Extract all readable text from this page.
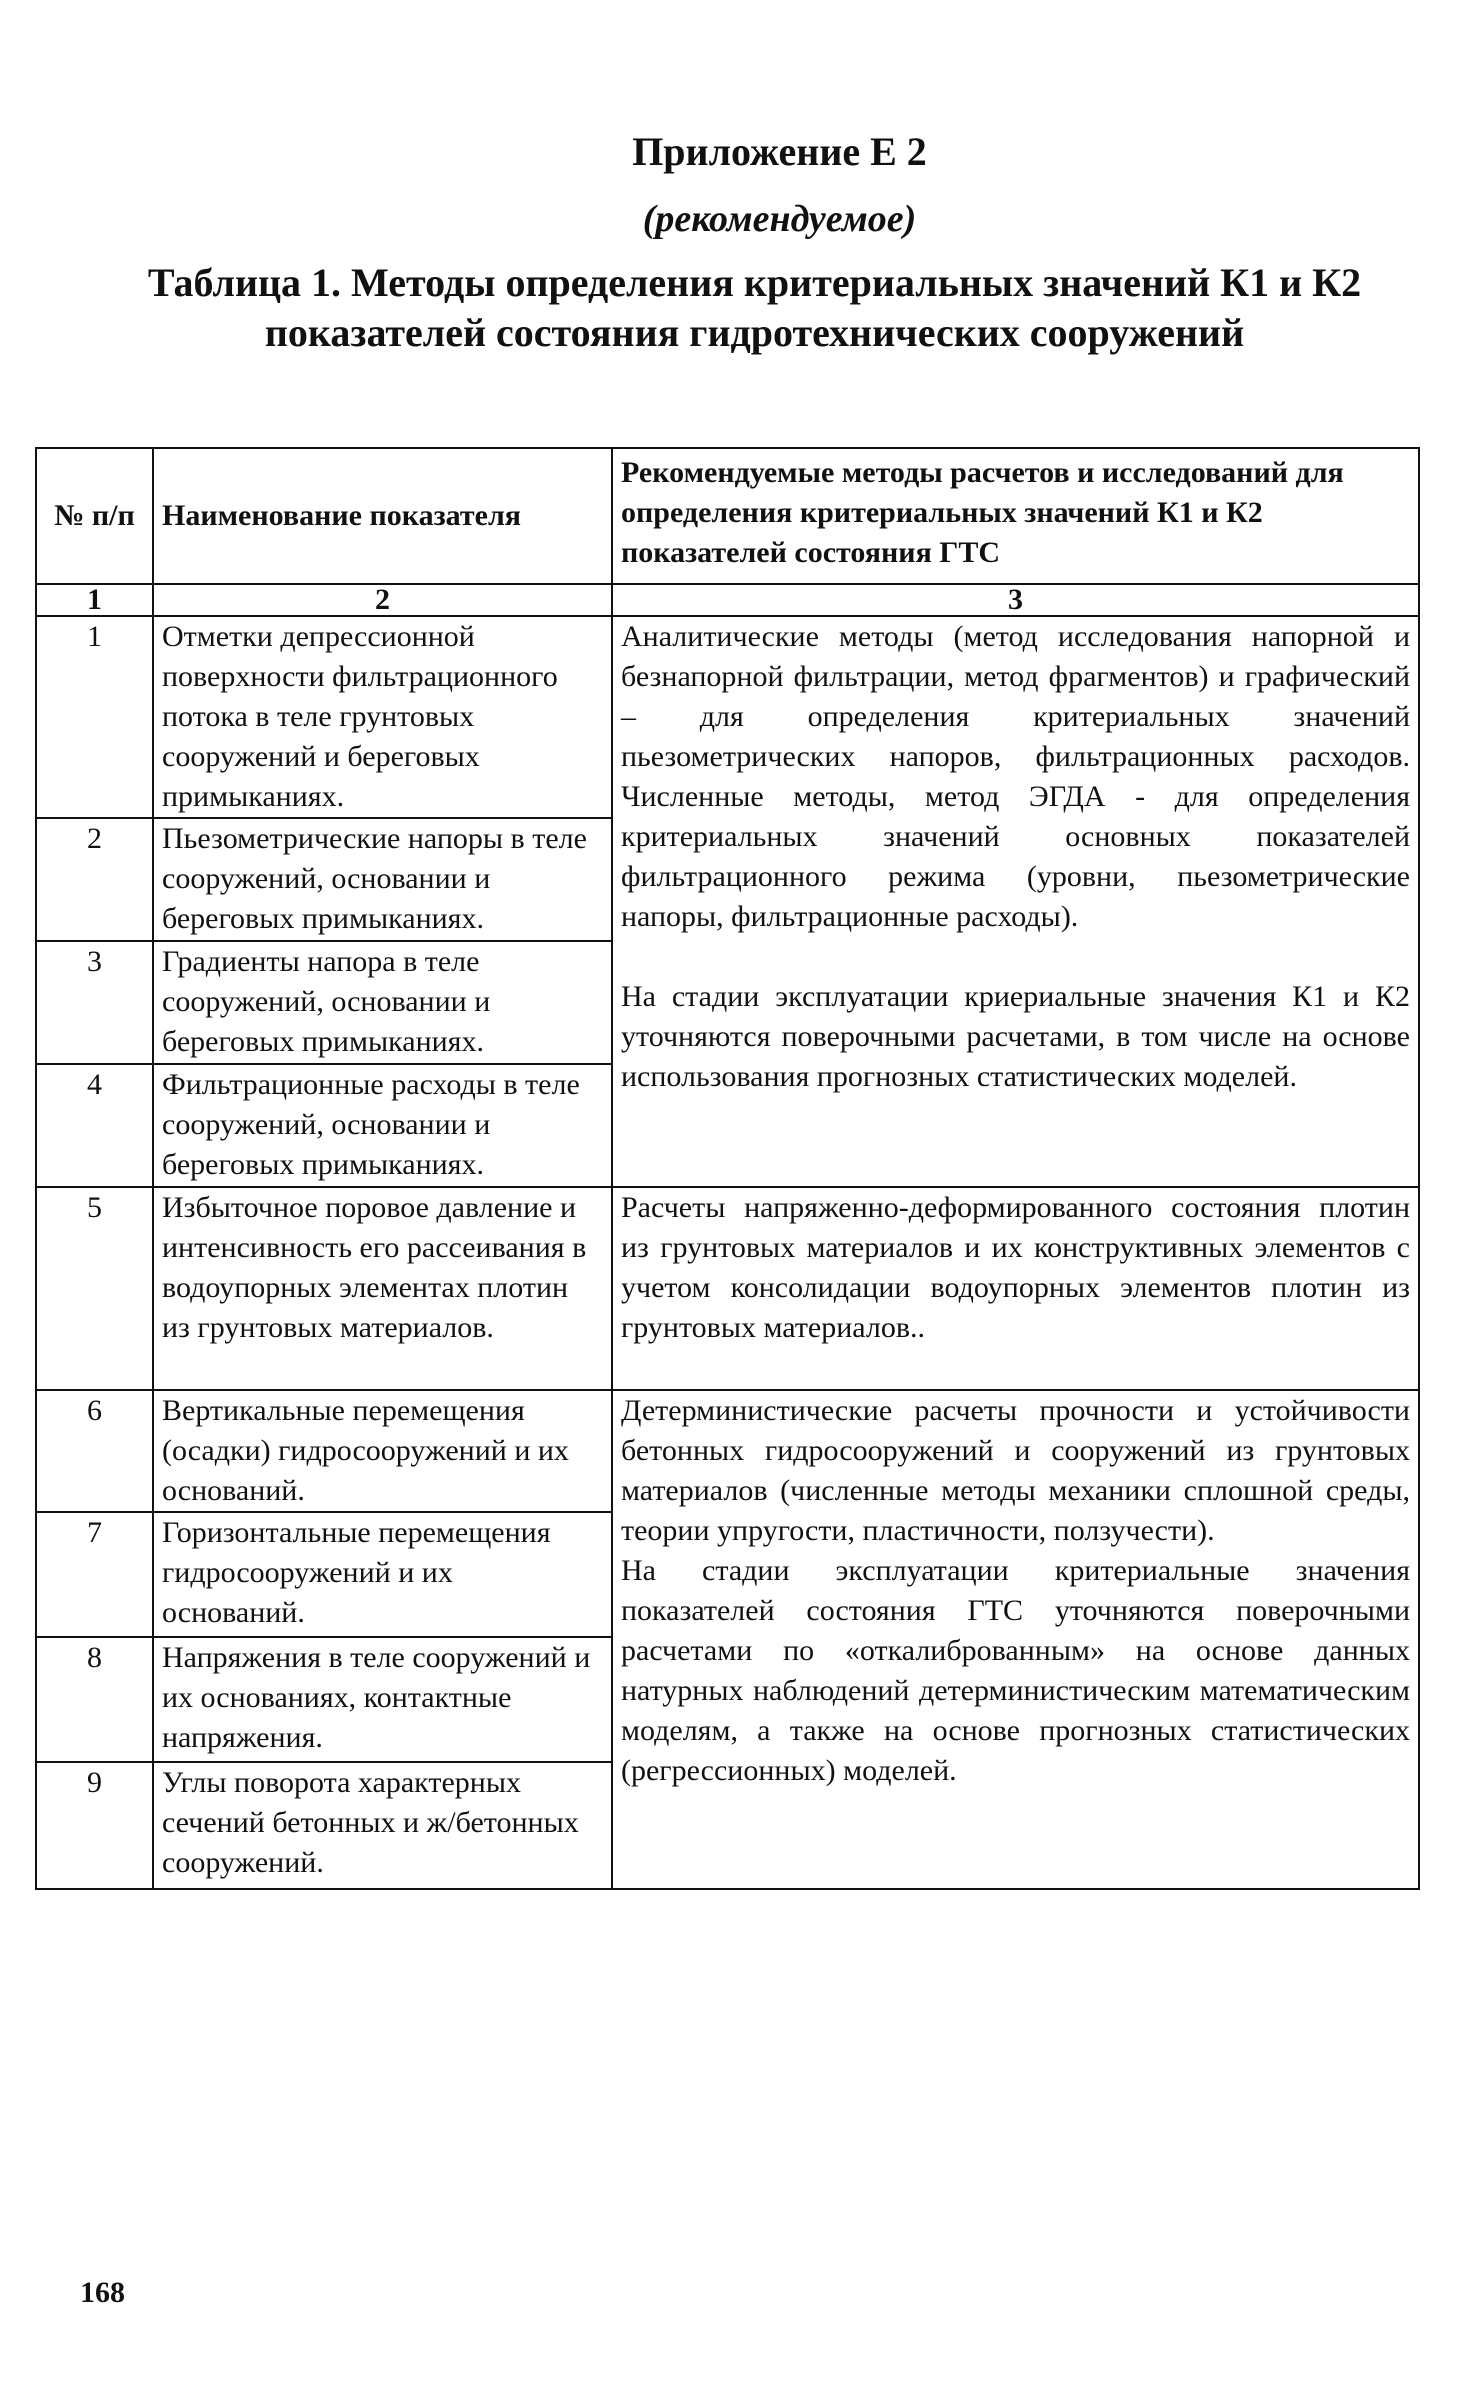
Приложение Е 2
(рекомендуемое)
Таблица 1. Методы определения критериальных значений К1 и К2
показателей состояния гидротехнических сооружений
№ п/п	Наименование показателя	Рекомендуемые методы расчетов и исследований для определения критериальных значений К1 и К2 показателей состояния ГТС
1	2	3
1	Отметки депрессионной поверхности фильтрационного потока в теле грунтовых сооружений и береговых примыканиях.	Аналитические методы (метод исследования напорной и безнапорной фильтрации, метод фрагментов) и графический – для определения критериальных значений пьезометрических напоров, фильтрационных расходов. Численные методы, метод ЭГДА - для определения критериальных значений основных показателей фильтрационного режима (уровни, пьезометрические напоры, фильтрационные расходы).
На стадии эксплуатации криериальные значения К1 и К2 уточняются поверочными расчетами, в том числе на основе использования прогнозных статистических моделей.
2	Пьезометрические напоры в теле сооружений, основании и береговых примыканиях.	
3	Градиенты напора в теле сооружений, основании и береговых примыканиях.	
4	Фильтрационные расходы в теле сооружений, основании и береговых примыканиях.	
5	Избыточное поровое давление и интенсивность его рассеивания в водоупорных элементах плотин из грунтовых материалов.	Расчеты напряженно-деформированного состояния плотин из грунтовых материалов и их конструктивных элементов с учетом консолидации водоупорных элементов плотин из грунтовых материалов..
6	Вертикальные перемещения (осадки) гидросооружений и их оснований.	Детерминистические расчеты прочности и устойчивости бетонных гидросооружений и сооружений из грунтовых материалов (численные методы механики сплошной среды, теории упругости, пластичности, ползучести).
На стадии эксплуатации критериальные значения показателей состояния ГТС уточняются поверочными расчетами по «откалиброванным» на основе данных натурных наблюдений детерминистическим математическим моделям, а также на основе прогнозных статистических (регрессионных) моделей.
7	Горизонтальные перемещения гидросооружений и их оснований.	
8	Напряжения в теле сооружений и их основаниях, контактные напряжения.	
9	Углы поворота характерных сечений бетонных и ж/бетонных сооружений.	
168
